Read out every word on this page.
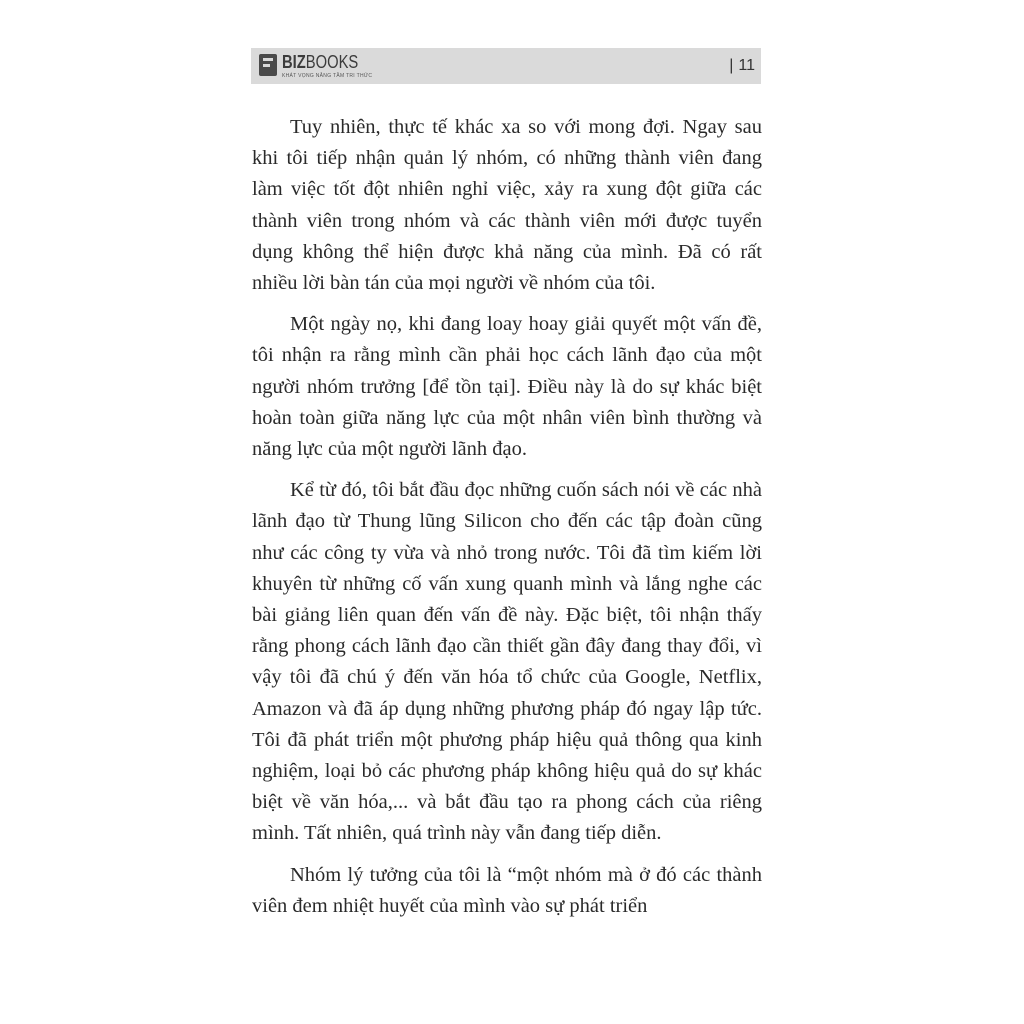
BIZBOOKS
KHÁT VỌNG NÂNG TẦM TRI THỨC
| 11

Tuy nhiên, thực tế khác xa so với mong đợi. Ngay sau khi tôi tiếp nhận quản lý nhóm, có những thành viên đang làm việc tốt đột nhiên nghỉ việc, xảy ra xung đột giữa các thành viên trong nhóm và các thành viên mới được tuyển dụng không thể hiện được khả năng của mình. Đã có rất nhiều lời bàn tán của mọi người về nhóm của tôi.

Một ngày nọ, khi đang loay hoay giải quyết một vấn đề, tôi nhận ra rằng mình cần phải học cách lãnh đạo của một người nhóm trưởng [để tồn tại]. Điều này là do sự khác biệt hoàn toàn giữa năng lực của một nhân viên bình thường và năng lực của một người lãnh đạo.

Kể từ đó, tôi bắt đầu đọc những cuốn sách nói về các nhà lãnh đạo từ Thung lũng Silicon cho đến các tập đoàn cũng như các công ty vừa và nhỏ trong nước. Tôi đã tìm kiếm lời khuyên từ những cố vấn xung quanh mình và lắng nghe các bài giảng liên quan đến vấn đề này. Đặc biệt, tôi nhận thấy rằng phong cách lãnh đạo cần thiết gần đây đang thay đổi, vì vậy tôi đã chú ý đến văn hóa tổ chức của Google, Netflix, Amazon và đã áp dụng những phương pháp đó ngay lập tức. Tôi đã phát triển một phương pháp hiệu quả thông qua kinh nghiệm, loại bỏ các phương pháp không hiệu quả do sự khác biệt về văn hóa,... và bắt đầu tạo ra phong cách của riêng mình. Tất nhiên, quá trình này vẫn đang tiếp diễn.

Nhóm lý tưởng của tôi là “một nhóm mà ở đó các thành viên đem nhiệt huyết của mình vào sự phát triển
